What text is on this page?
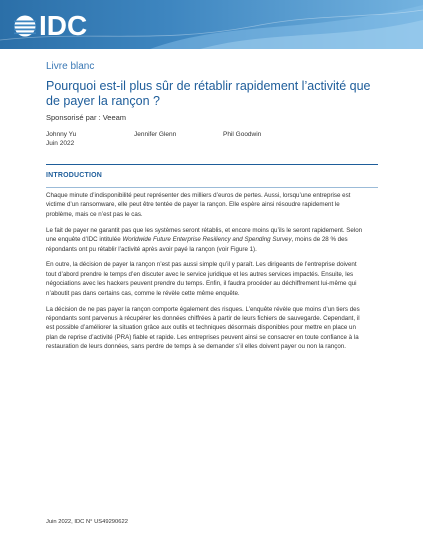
IDC
Livre blanc
Pourquoi est-il plus sûr de rétablir rapidement l’activité que de payer la rançon ?
Sponsorisé par : Veeam
Johnny Yu	Jennifer Glenn	Phil Goodwin
Juin 2022
INTRODUCTION

Chaque minute d’indisponibilité peut représenter des milliers d’euros de pertes. Aussi, lorsqu’une entreprise est victime d’un ransomware, elle peut être tentée de payer la rançon. Elle espère ainsi résoudre rapidement le problème, mais ce n’est pas le cas.

Le fait de payer ne garantit pas que les systèmes seront rétablis, et encore moins qu’ils le seront rapidement. Selon une enquête d’IDC intitulée Worldwide Future Enterprise Resiliency and Spending Survey, moins de 28 % des répondants ont pu rétablir l’activité après avoir payé la rançon (voir Figure 1).

En outre, la décision de payer la rançon n’est pas aussi simple qu’il y paraît. Les dirigeants de l’entreprise doivent tout d’abord prendre le temps d’en discuter avec le service juridique et les autres services impactés. Ensuite, les négociations avec les hackers peuvent prendre du temps. Enfin, il faudra procéder au déchiffrement lui-même qui n’aboutit pas dans certains cas, comme le révèle cette même enquête.

La décision de ne pas payer la rançon comporte également des risques. L’enquête révèle que moins d’un tiers des répondants sont parvenus à récupérer les données chiffrées à partir de leurs fichiers de sauvegarde. Cependant, il est possible d’améliorer la situation grâce aux outils et techniques désormais disponibles pour mettre en place un plan de reprise d’activité (PRA) fiable et rapide. Les entreprises peuvent ainsi se consacrer en toute confiance à la restauration de leurs données, sans perdre de temps à se demander s’il elles doivent payer ou non la rançon.

Juin 2022, IDC N° US49290622
